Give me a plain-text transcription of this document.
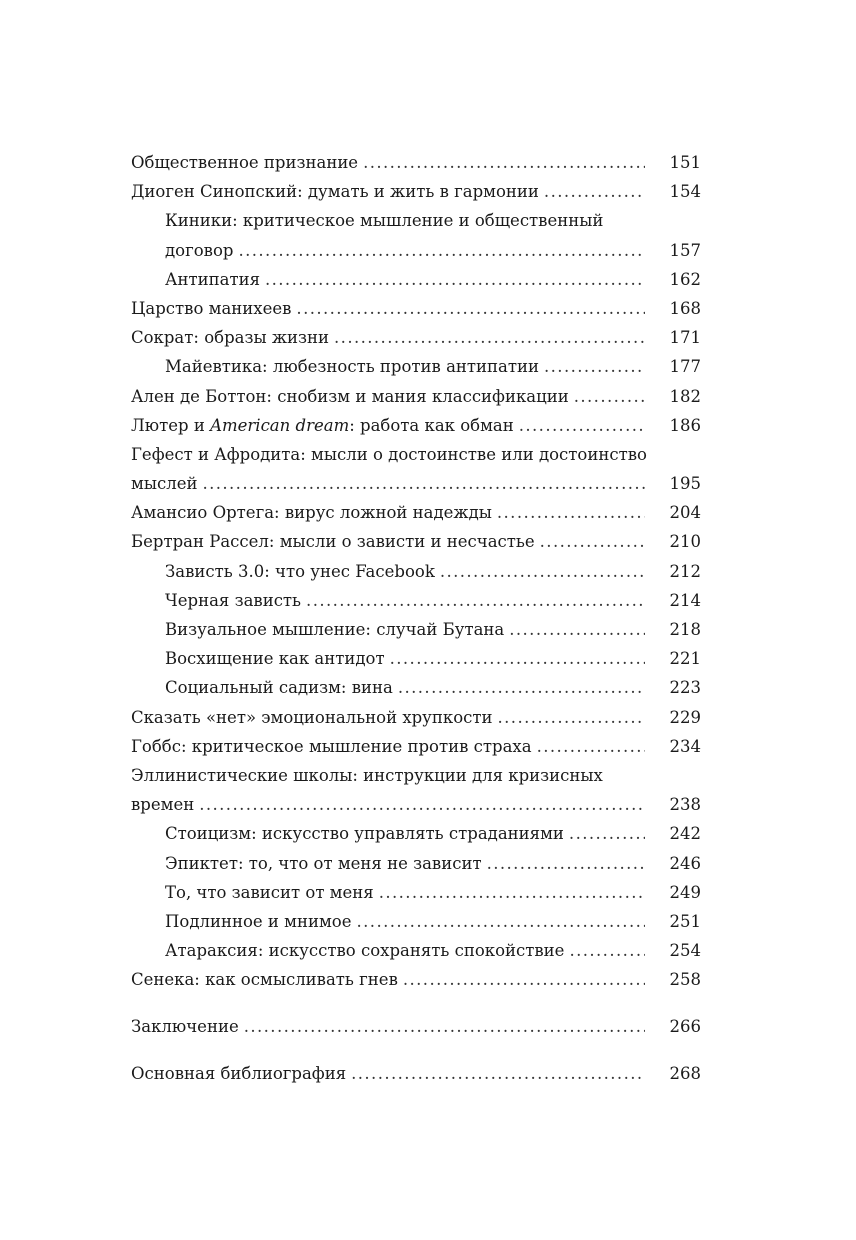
Общественное признание .....	151
Диоген Синопский: думать и жить в гармонии .....	154
Киники: критическое мышление и общественный
договор .....	157
Антипатия .....	162
Царство манихеев .....	168
Сократ: образы жизни .....	171
Майевтика: любезность против антипатии .....	177
Ален де Боттон: снобизм и мания классификации .....	182
Лютер и American dream: работа как обман .....	186
Гефест и Афродита: мысли о достоинстве или достоинство
мыслей .....	195
Амансио Ортега: вирус ложной надежды .....	204
Бертран Рассел: мысли о зависти и несчастье .....	210
Зависть 3.0: что унес Facebook .....	212
Черная зависть .....	214
Визуальное мышление: случай Бутана .....	218
Восхищение как антидот .....	221
Социальный садизм: вина .....	223
Сказать «нет» эмоциональной хрупкости .....	229
Гоббс: критическое мышление против страха .....	234
Эллинистические школы: инструкции для кризисных
времен .....	238
Стоицизм: искусство управлять страданиями .....	242
Эпиктет: то, что от меня не зависит .....	246
То, что зависит от меня .....	249
Подлинное и мнимое .....	251
Атараксия: искусство сохранять спокойствие .....	254
Сенека: как осмысливать гнев .....	258
Заключение .....	266
Основная библиография .....	268
